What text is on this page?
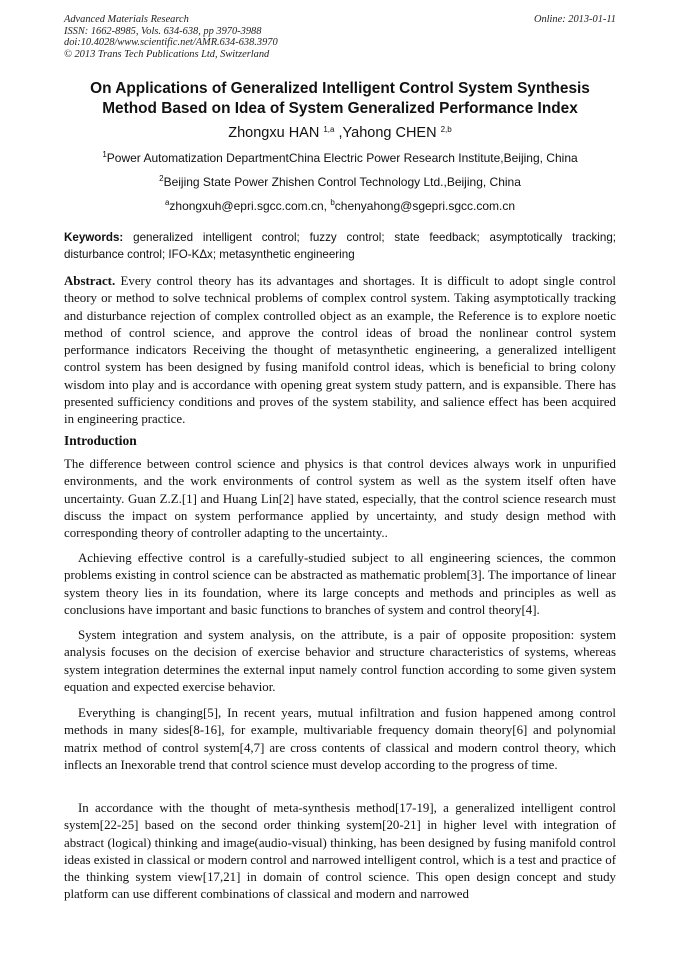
Advanced Materials Research
ISSN: 1662-8985, Vols. 634-638, pp 3970-3988
doi:10.4028/www.scientific.net/AMR.634-638.3970
© 2013 Trans Tech Publications Ltd, Switzerland
Online: 2013-01-11
On Applications of Generalized Intelligent Control System Synthesis Method Based on Idea of System Generalized Performance Index
Zhongxu HAN $^{1,a}$ ,Yahong CHEN $^{2,b}$
$^1$Power Automatization DepartmentChina Electric Power Research Institute,Beijing, China
$^2$Beijing State Power Zhishen Control Technology Ltd.,Beijing, China
$^a$zhongxuh@epri.sgcc.com.cn, $^b$chenyahong@sgepri.sgcc.com.cn
Keywords: generalized intelligent control; fuzzy control; state feedback; asymptotically tracking; disturbance control; IFO-KΔx; metasynthetic engineering
Abstract. Every control theory has its advantages and shortages. It is difficult to adopt single control theory or method to solve technical problems of complex control system. Taking asymptotically tracking and disturbance rejection of complex controlled object as an example, the Reference is to explore noetic method of control science, and approve the control ideas of broad the nonlinear control system performance indicators Receiving the thought of metasynthetic engineering, a generalized intelligent control system has been designed by fusing manifold control ideas, which is beneficial to bring colony wisdom into play and is accordance with opening great system study pattern, and is expansible. There has presented sufficiency conditions and proves of the system stability, and salience effect has been acquired in engineering practice.
Introduction
The difference between control science and physics is that control devices always work in unpurified environments, and the work environments of control system as well as the system itself often have uncertainty. Guan Z.Z.[1] and Huang Lin[2] have stated, especially, that the control science research must discuss the impact on system performance applied by uncertainty, and study design method with corresponding theory of controller adapting to the uncertainty..
Achieving effective control is a carefully-studied subject to all engineering sciences, the common problems existing in control science can be abstracted as mathematic problem[3]. The importance of linear system theory lies in its foundation, where its large concepts and methods and principles as well as conclusions have important and basic functions to branches of system and control theory[4].
System integration and system analysis, on the attribute, is a pair of opposite proposition: system analysis focuses on the decision of exercise behavior and structure characteristics of systems, whereas system integration determines the external input namely control function according to some given system equation and expected exercise behavior.
Everything is changing[5], In recent years, mutual infiltration and fusion happened among control methods in many sides[8-16], for example, multivariable frequency domain theory[6] and polynomial matrix method of control system[4,7] are cross contents of classical and modern control theory, which inflects an Inexorable trend that control science must develop according to the progress of time.
In accordance with the thought of meta-synthesis method[17-19], a generalized intelligent control system[22-25] based on the second order thinking system[20-21] in higher level with integration of abstract (logical) thinking and image(audio-visual) thinking, has been designed by fusing manifold control ideas existed in classical or modern control and narrowed intelligent control, which is a test and practice of the thinking system view[17,21] in domain of control science. This open design concept and study platform can use different combinations of classical and modern and narrowed
